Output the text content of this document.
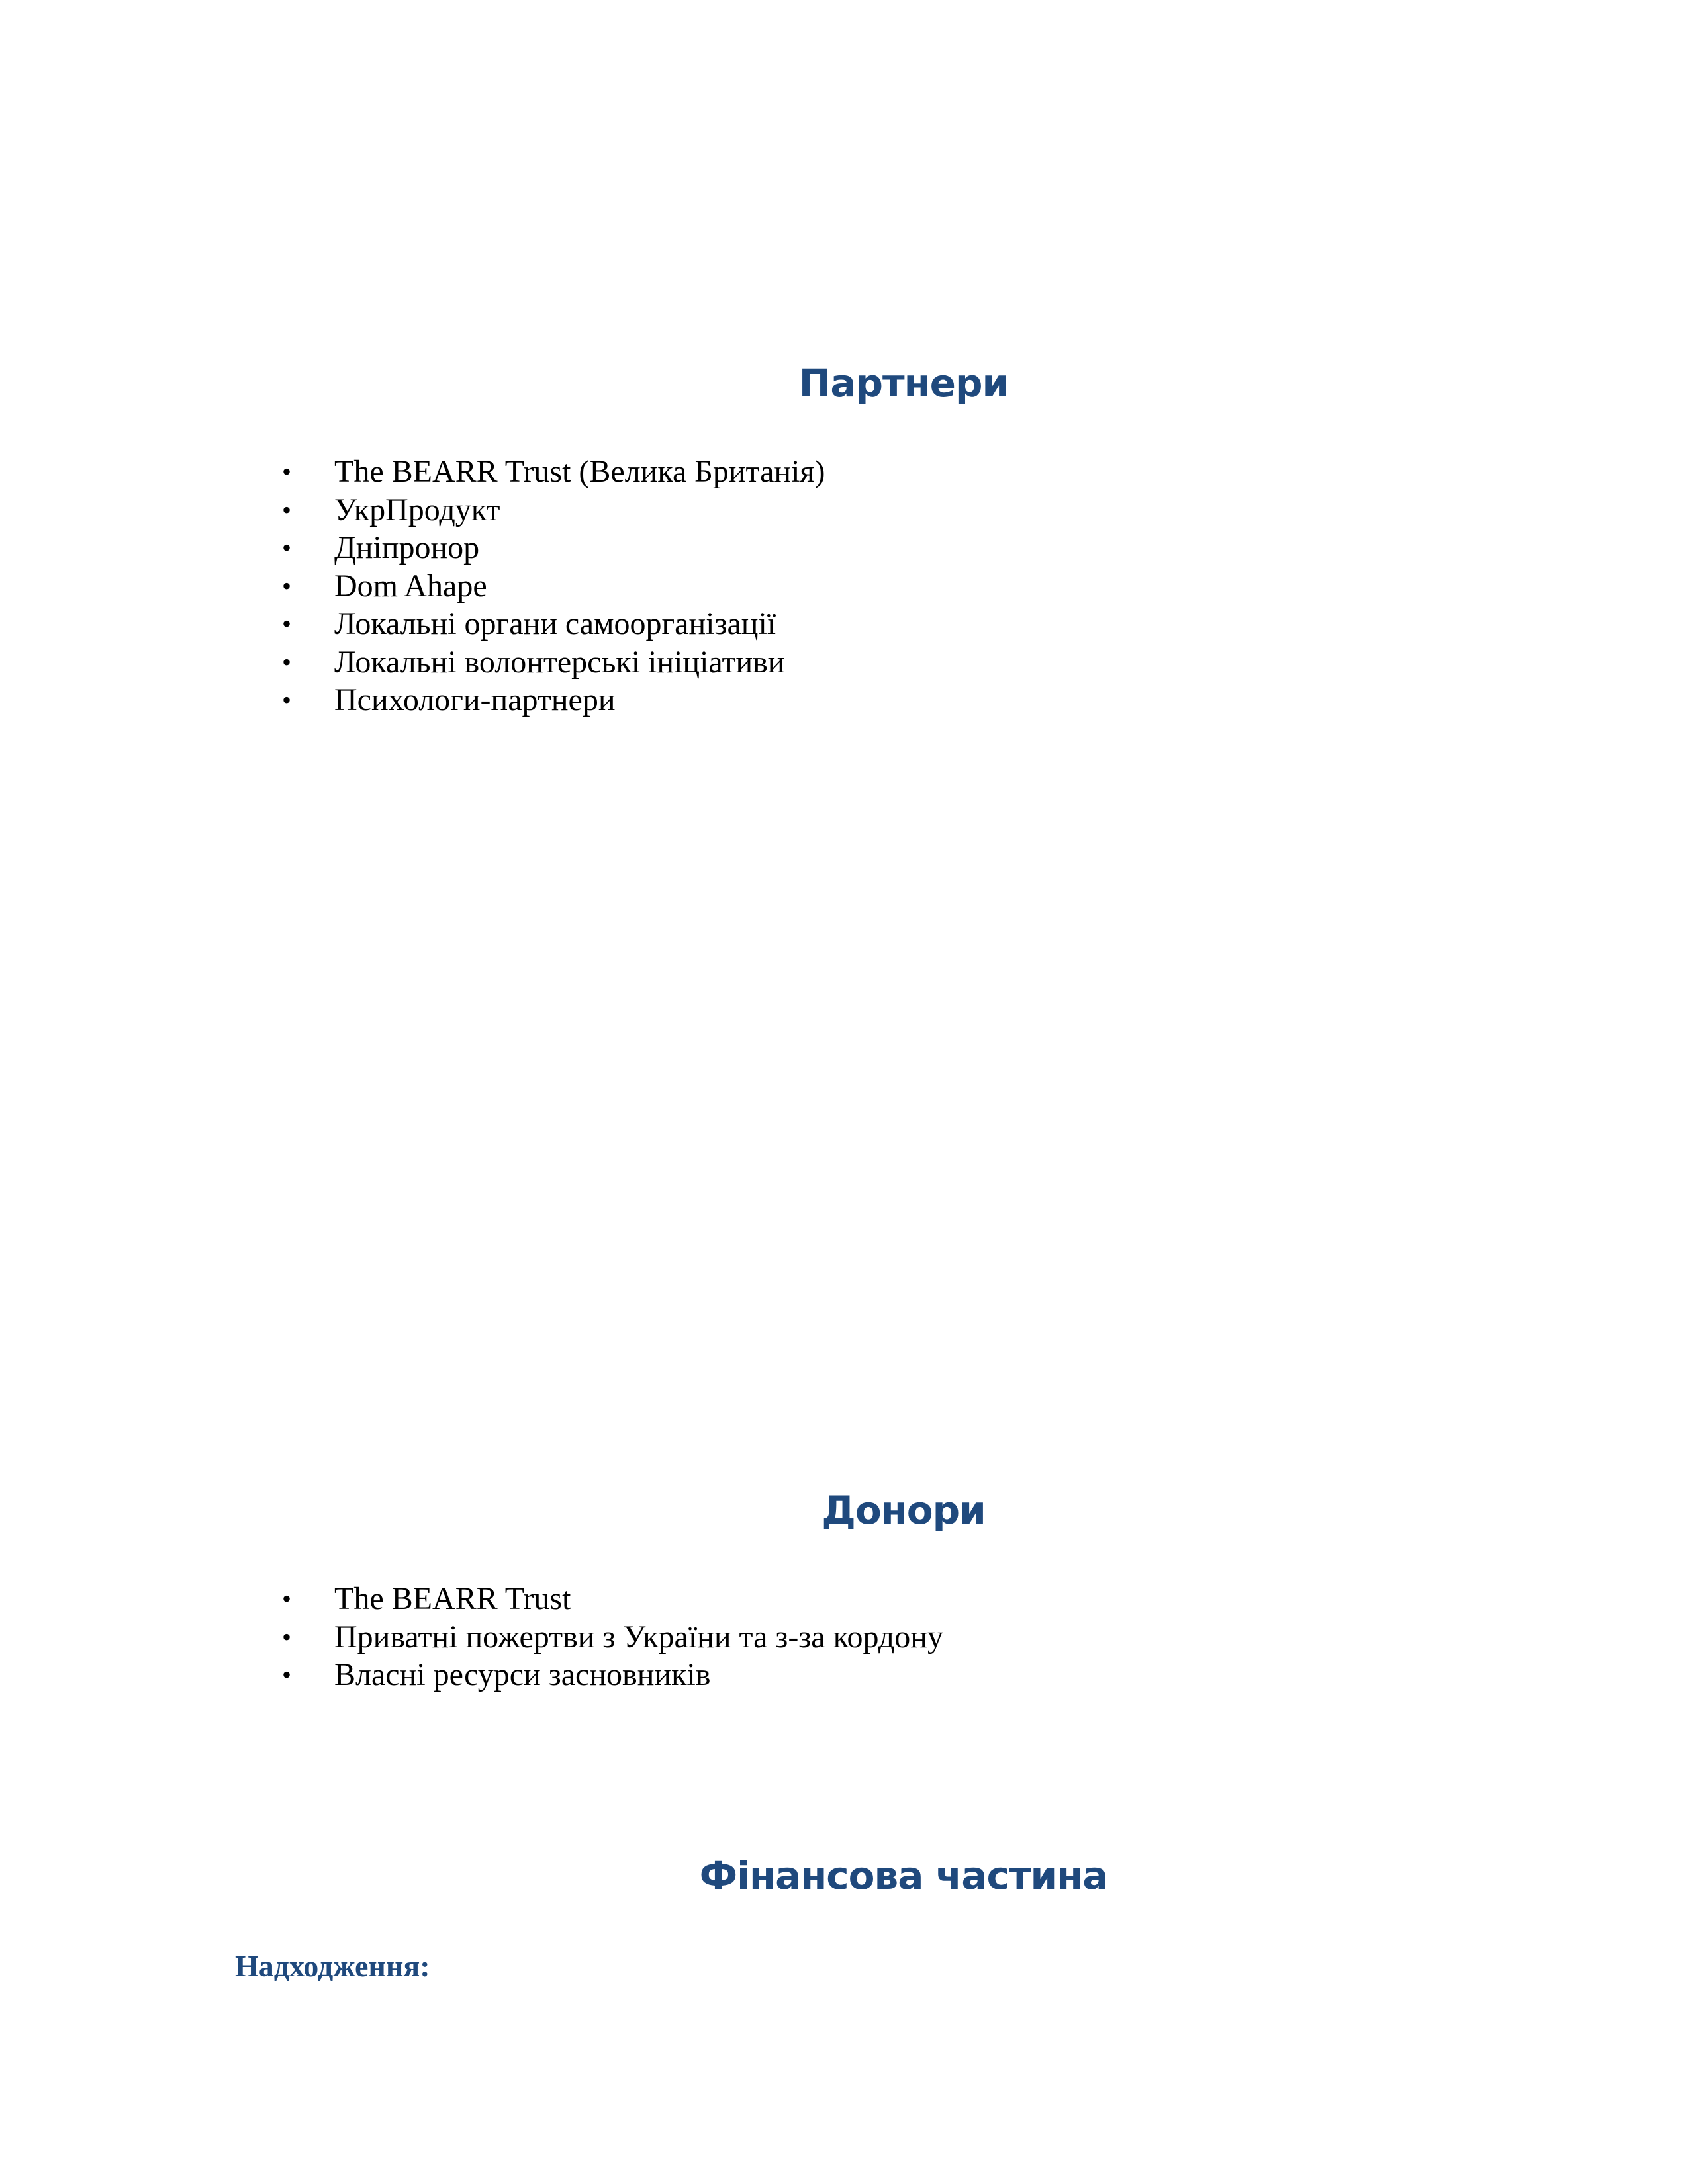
Партнери
• The BEARR Trust (Велика Британія)
• УкрПродукт
• Дніпронор
• Dom Ahape
• Локальні органи самоорганізації
• Локальні волонтерські ініціативи
• Психологи-партнери
Донори
• The BEARR Trust
• Приватні пожертви з України та з-за кордону
• Власні ресурси засновників
Фінансова частина
Надходження:
